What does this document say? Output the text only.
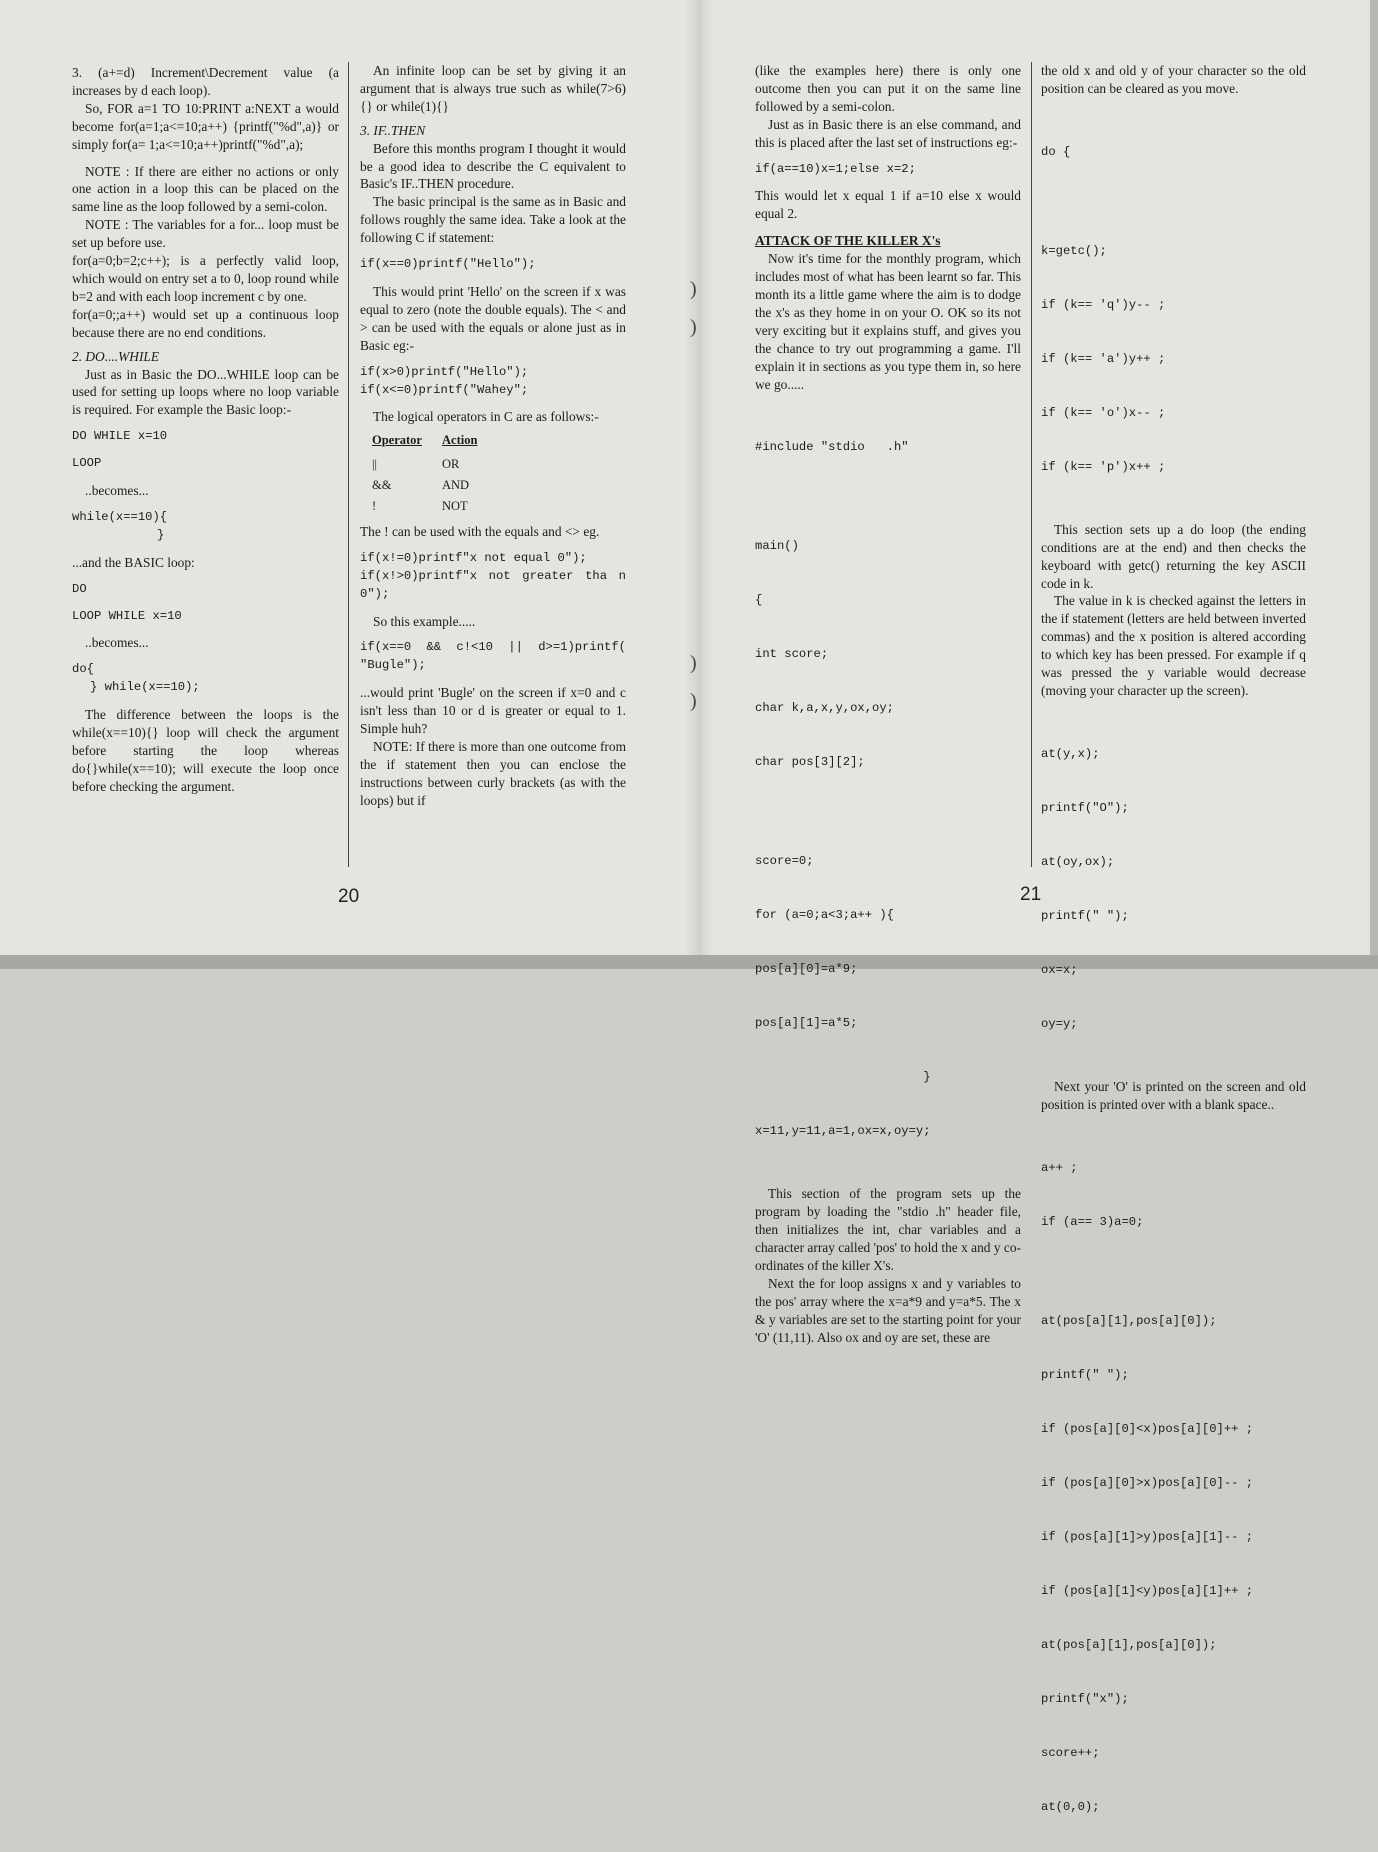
3. (a+=d) Increment\Decrement value (a increases by d each loop).

So, FOR a=1 TO 10:PRINT a:NEXT a would become for(a=1;a<=10;a++) {printf("%d",a)} or simply for(a= 1;a<=10;a++)printf("%d",a);

NOTE : If there are either no actions or only one action in a loop this can be placed on the same line as the loop followed by a semi-colon.

NOTE : The variables for a for... loop must be set up before use.

for(a=0;b=2;c++); is a perfectly valid loop, which would on entry set a to 0, loop round while b=2 and with each loop increment c by one.

for(a=0;;a++) would set up a continuous loop because there are no end conditions.

2. DO....WHILE

Just as in Basic the DO...WHILE loop can be used for setting up loops where no loop variable is required. For example the Basic loop:-

DO WHILE x=10

LOOP

..becomes...

while(x==10){

}

...and the BASIC loop:

DO

LOOP WHILE x=10

..becomes...

do{

} while(x==10);

The difference between the loops is the while(x==10){} loop will check the argument before starting the loop whereas do{}while(x==10); will execute the loop once before checking the argument.

An infinite loop can be set by giving it an argument that is always true such as while(7>6){} or while(1){}

3. IF..THEN

Before this months program I thought it would be a good idea to describe the C equivalent to Basic's IF..THEN procedure.

The basic principal is the same as in Basic and follows roughly the same idea. Take a look at the following C if statement:

if(x==0)printf("Hello");

This would print 'Hello' on the screen if x was equal to zero (note the double equals). The < and > can be used with the equals or alone just as in Basic eg:-

if(x>0)printf("Hello");

if(x<=0)printf("Wahey";

The logical operators in C are as follows:-

Operator	Action
||	OR
&&	AND
!	NOT

The ! can be used with the equals and <> eg.

if(x!=0)printf"x not equal 0");

if(x!>0)printf"x not greater tha n 0");

So this example.....

if(x==0 && c!<10 || d>=1)printf( "Bugle");

...would print 'Bugle' on the screen if x=0 and c isn't less than 10 or d is greater or equal to 1. Simple huh?

NOTE: If there is more than one outcome from the if statement then you can enclose the instructions between curly brackets (as with the loops) but if

20
)
)
)
)

(like the examples here) there is only one outcome then you can put it on the same line followed by a semi-colon.

Just as in Basic there is an else command, and this is placed after the last set of instructions eg:-

if(a==10)x=1;else x=2;

This would let x equal 1 if a=10 else x would equal 2.

ATTACK OF THE KILLER X's

Now it's time for the monthly program, which includes most of what has been learnt so far. This month its a little game where the aim is to dodge the x's as they home in on your O. OK so its not very exciting but it explains stuff, and gives you the chance to try out programming a game. I'll explain it in sections as you type them in, so here we go.....

#include "stdio   .h"

main()

{

int score;

char k,a,x,y,ox,oy;

char pos[3][2];

score=0;

for (a=0;a<3;a++ ){

pos[a][0]=a*9;

pos[a][1]=a*5;

}

x=11,y=11,a=1,ox=x,oy=y;

This section of the program sets up the program by loading the "stdio .h" header file, then initializes the int, char variables and a character array called 'pos' to hold the x and y co-ordinates of the killer X's.

Next the for loop assigns x and y variables to the pos' array where the x=a*9 and y=a*5. The x & y variables are set to the starting point for your 'O' (11,11). Also ox and oy are set, these are

the old x and old y of your character so the old position can be cleared as you move.

do {

k=getc();

if (k== 'q')y-- ;

if (k== 'a')y++ ;

if (k== 'o')x-- ;

if (k== 'p')x++ ;

This section sets up a do loop (the ending conditions are at the end) and then checks the keyboard with getc() returning the key ASCII code in k.

The value in k is checked against the letters in the if statement (letters are held between inverted commas) and the x position is altered according to which key has been pressed. For example if q was pressed the y variable would decrease (moving your character up the screen).

at(y,x);

printf("O");

at(oy,ox);

printf(" ");

ox=x;

oy=y;

Next your 'O' is printed on the screen and old position is printed over with a blank space..

a++ ;

if (a== 3)a=0;

at(pos[a][1],pos[a][0]);

printf(" ");

if (pos[a][0]<x)pos[a][0]++ ;

if (pos[a][0]>x)pos[a][0]-- ;

if (pos[a][1]>y)pos[a][1]-- ;

if (pos[a][1]<y)pos[a][1]++ ;

at(pos[a][1],pos[a][0]);

printf("x");

score++;

at(0,0);

21
